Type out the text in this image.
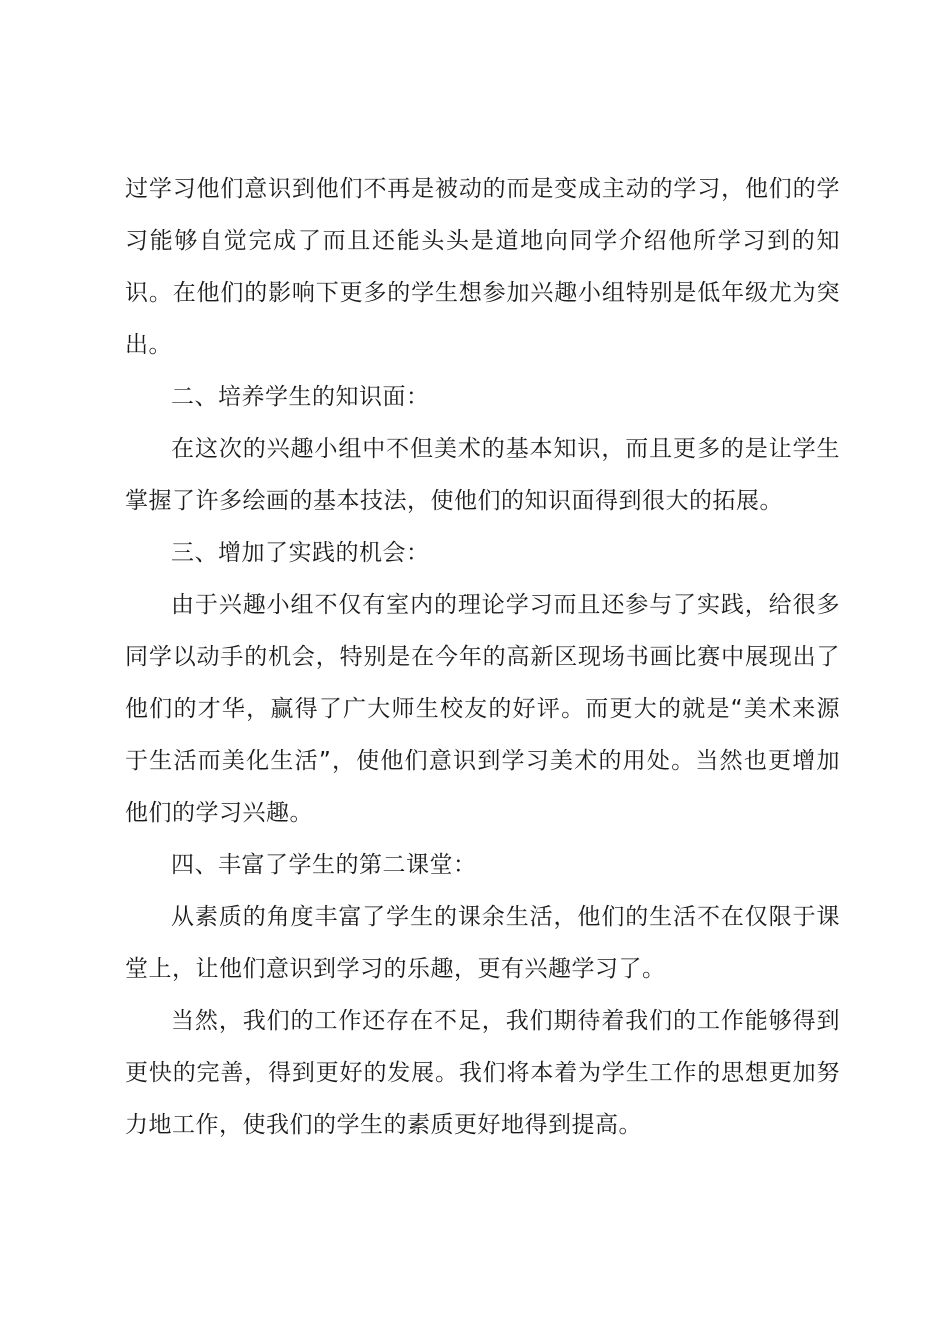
过学习他们意识到他们不再是被动的而是变成主动的学习，他们的学习能够自觉完成了而且还能头头是道地向同学介绍他所学习到的知识。在他们的影响下更多的学生想参加兴趣小组特别是低年级尤为突出。

二、培养学生的知识面：

在这次的兴趣小组中不但美术的基本知识，而且更多的是让学生掌握了许多绘画的基本技法，使他们的知识面得到很大的拓展。

三、增加了实践的机会：

由于兴趣小组不仅有室内的理论学习而且还参与了实践，给很多同学以动手的机会，特别是在今年的高新区现场书画比赛中展现出了他们的才华，赢得了广大师生校友的好评。而更大的就是“美术来源于生活而美化生活”，使他们意识到学习美术的用处。当然也更增加他们的学习兴趣。

四、丰富了学生的第二课堂：

从素质的角度丰富了学生的课余生活，他们的生活不在仅限于课堂上，让他们意识到学习的乐趣，更有兴趣学习了。

当然，我们的工作还存在不足，我们期待着我们的工作能够得到更快的完善，得到更好的发展。我们将本着为学生工作的思想更加努力地工作，使我们的学生的素质更好地得到提高。
